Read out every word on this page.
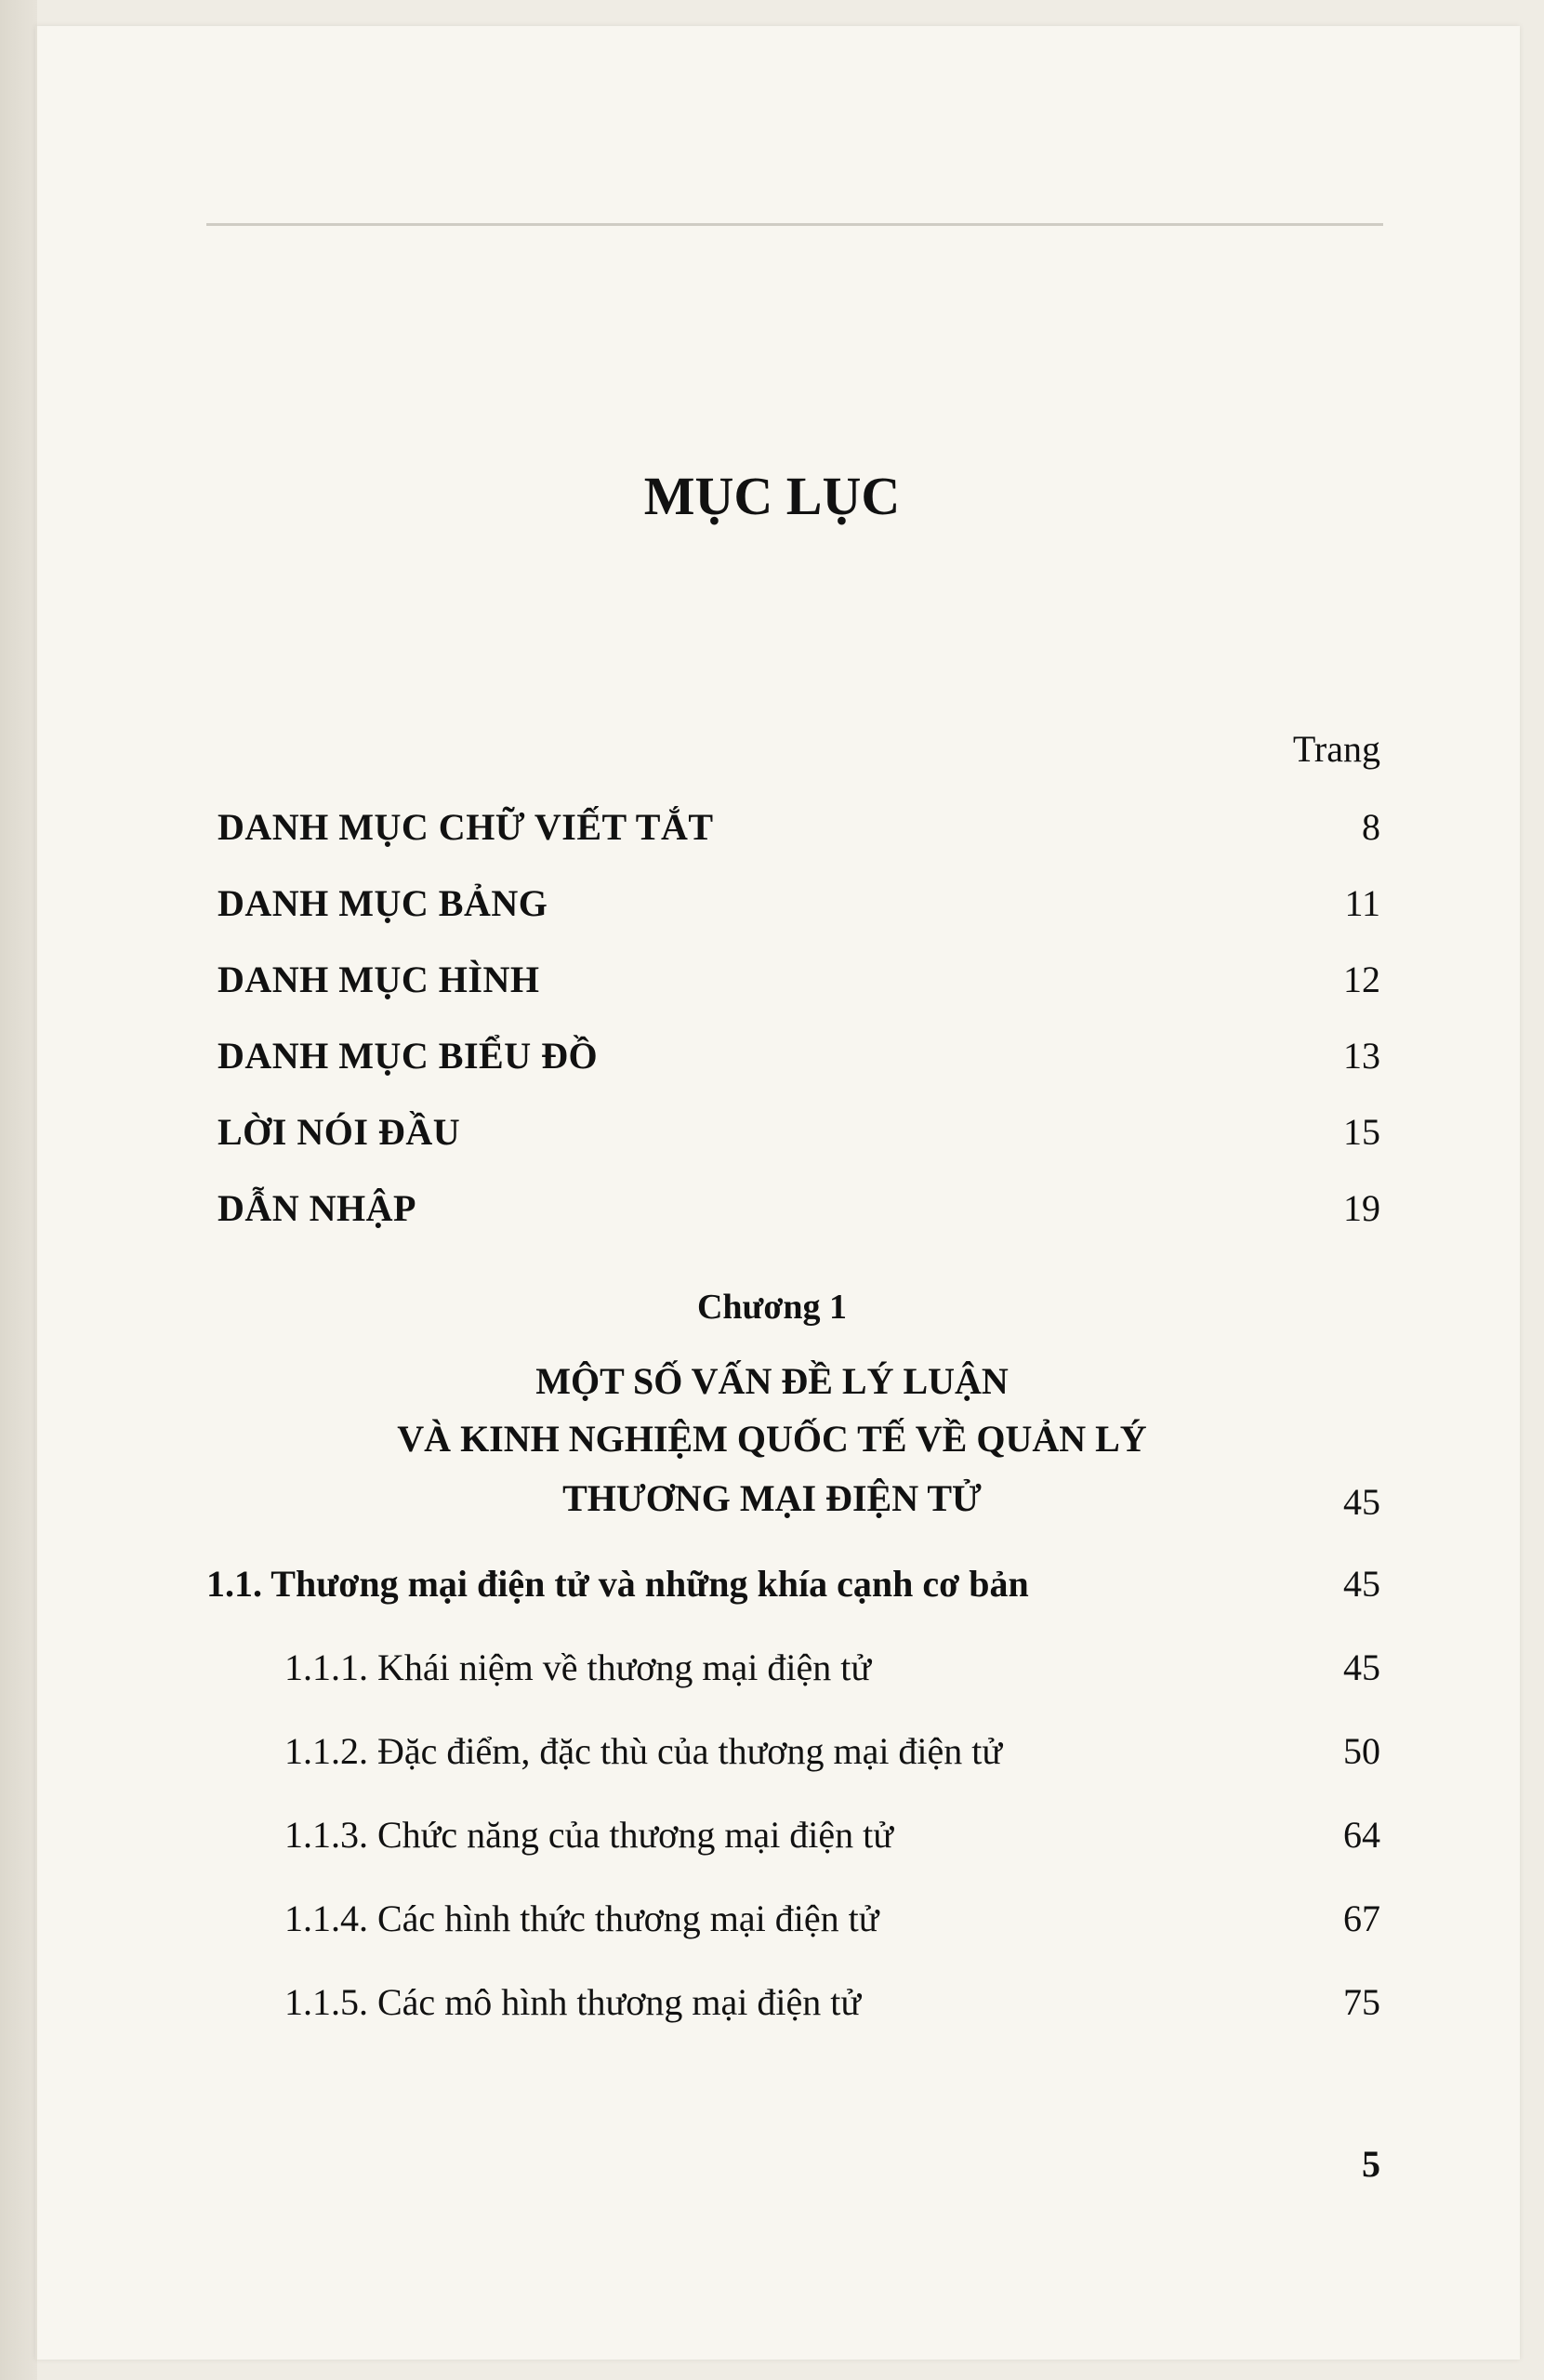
MỤC LỤC
Trang
DANH MỤC CHỮ VIẾT TẮT	8
DANH MỤC BẢNG	11
DANH MỤC HÌNH	12
DANH MỤC BIỂU ĐỒ	13
LỜI NÓI ĐẦU	15
DẪN NHẬP	19
Chương 1
MỘT SỐ VẤN ĐỀ LÝ LUẬN
VÀ KINH NGHIỆM QUỐC TẾ VỀ QUẢN LÝ
THƯƠNG MẠI ĐIỆN TỬ	45
1.1. Thương mại điện tử và những khía cạnh cơ bản	45
1.1.1. Khái niệm về thương mại điện tử	45
1.1.2. Đặc điểm, đặc thù của thương mại điện tử	50
1.1.3. Chức năng của thương mại điện tử	64
1.1.4. Các hình thức thương mại điện tử	67
1.1.5. Các mô hình thương mại điện tử	75
5
